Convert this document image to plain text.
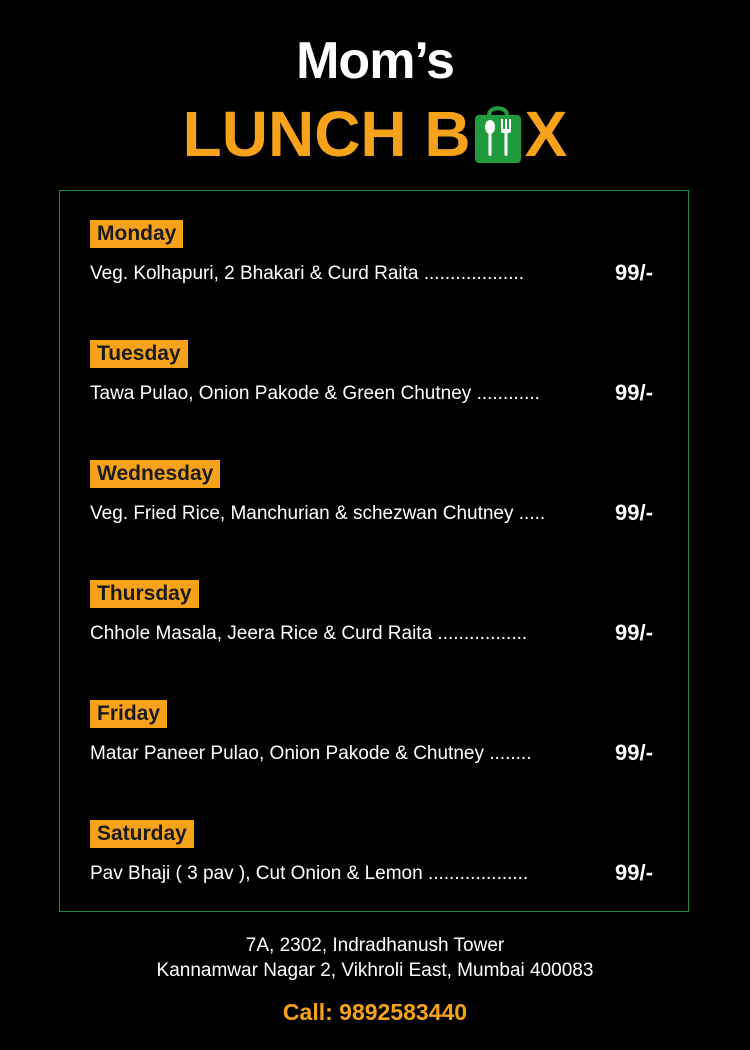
Mom’s
LUNCH B X
Monday
Veg. Kolhapuri, 2 Bhakari & Curd Raita ...................	99/-
Tuesday
Tawa Pulao, Onion Pakode & Green Chutney ............	99/-
Wednesday
Veg. Fried Rice, Manchurian & schezwan Chutney .....	99/-
Thursday
Chhole Masala, Jeera Rice & Curd Raita .................	99/-
Friday
Matar Paneer Pulao, Onion Pakode & Chutney ........	99/-
Saturday
Pav Bhaji ( 3 pav ), Cut Onion & Lemon ...................	99/-
7A, 2302, Indradhanush Tower
Kannamwar Nagar 2, Vikhroli East, Mumbai 400083
Call: 9892583440
